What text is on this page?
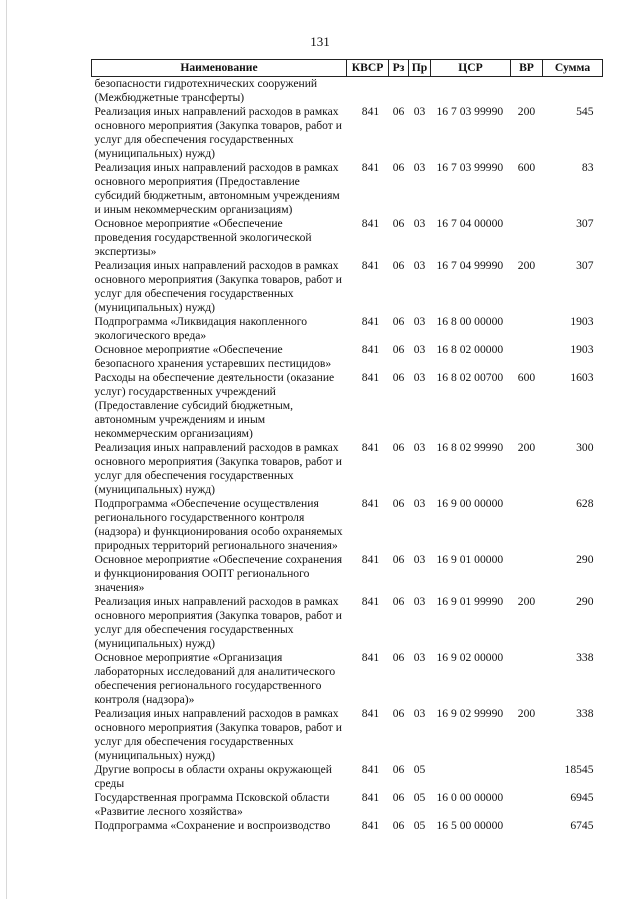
131
Наименование	КВСР	Рз	Пр	ЦСР	ВР	Сумма
безопасности гидротехнических сооружений (Межбюджетные трансферты)						
Реализация иных направлений расходов в рамках основного мероприятия (Закупка товаров, работ и услуг для обеспечения государственных (муниципальных) нужд)	841	06	03	16 7 03 99990	200	545
Реализация иных направлений расходов в рамках основного мероприятия (Предоставление субсидий бюджетным, автономным учреждениям и иным некоммерческим организациям)	841	06	03	16 7 03 99990	600	83
Основное мероприятие «Обеспечение проведения государственной экологической экспертизы»	841	06	03	16 7 04 00000		307
Реализация иных направлений расходов в рамках основного мероприятия (Закупка товаров, работ и услуг для обеспечения государственных (муниципальных) нужд)	841	06	03	16 7 04 99990	200	307
Подпрограмма «Ликвидация накопленного экологического вреда»	841	06	03	16 8 00 00000		1903
Основное мероприятие «Обеспечение безопасного хранения устаревших пестицидов»	841	06	03	16 8 02 00000		1903
Расходы на обеспечение деятельности (оказание услуг) государственных учреждений (Предоставление субсидий бюджетным, автономным учреждениям и иным некоммерческим организациям)	841	06	03	16 8 02 00700	600	1603
Реализация иных направлений расходов в рамках основного мероприятия (Закупка товаров, работ и услуг для обеспечения государственных (муниципальных) нужд)	841	06	03	16 8 02 99990	200	300
Подпрограмма «Обеспечение осуществления регионального государственного контроля (надзора) и функционирования особо охраняемых природных территорий регионального значения»	841	06	03	16 9 00 00000		628
Основное мероприятие «Обеспечение сохранения и функционирования ООПТ регионального значения»	841	06	03	16 9 01 00000		290
Реализация иных направлений расходов в рамках основного мероприятия (Закупка товаров, работ и услуг для обеспечения государственных (муниципальных) нужд)	841	06	03	16 9 01 99990	200	290
Основное мероприятие «Организация лабораторных исследований для аналитического обеспечения регионального государственного контроля (надзора)»	841	06	03	16 9 02 00000		338
Реализация иных направлений расходов в рамках основного мероприятия (Закупка товаров, работ и услуг для обеспечения государственных (муниципальных) нужд)	841	06	03	16 9 02 99990	200	338
Другие вопросы в области охраны окружающей среды	841	06	05			18545
Государственная программа Псковской области «Развитие лесного хозяйства»	841	06	05	16 0 00 00000		6945
Подпрограмма «Сохранение и воспроизводство	841	06	05	16 5 00 00000		6745
